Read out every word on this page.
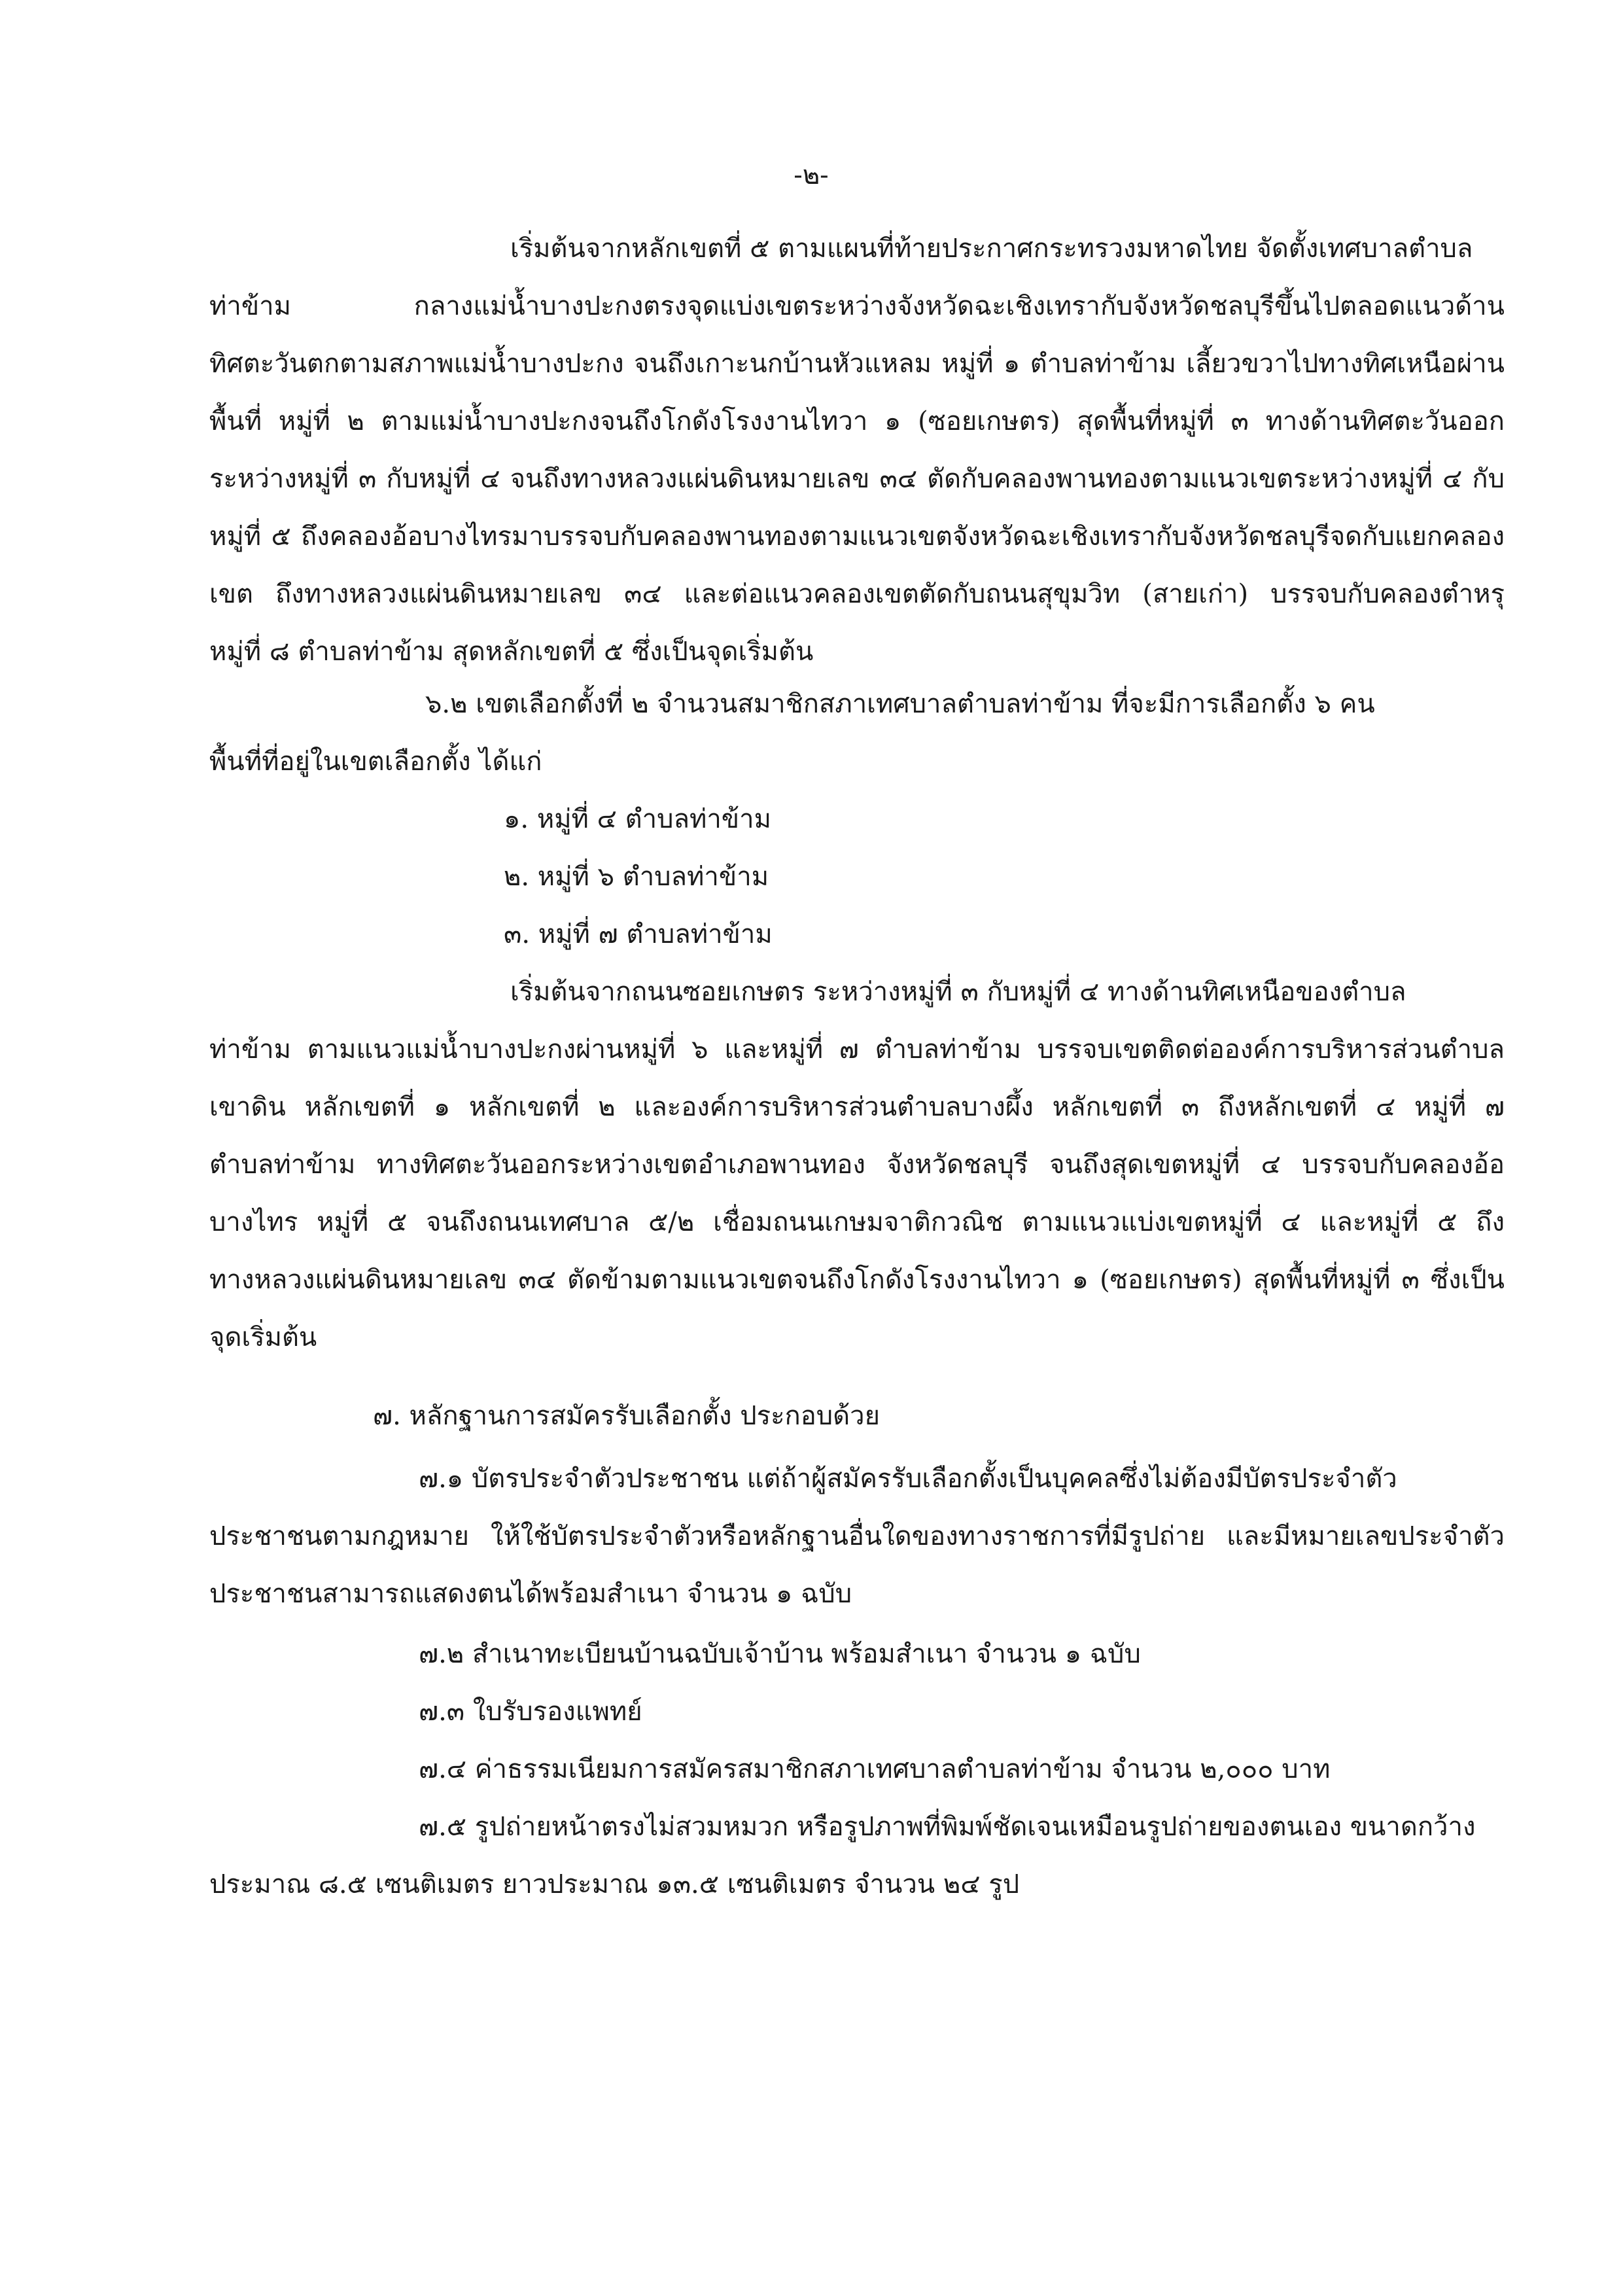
-๒-
เริ่มต้นจากหลักเขตที่ ๕ ตามแผนที่ท้ายประกาศกระทรวงมหาดไทย จัดตั้งเทศบาลตำบล
ท่าข้าม กลางแม่น้ำบางปะกงตรงจุดแบ่งเขตระหว่างจังหวัดฉะเชิงเทรากับจังหวัดชลบุรีขึ้นไปตลอดแนวด้าน
ทิศตะวันตกตามสภาพแม่น้ำบางปะกง จนถึงเกาะนกบ้านหัวแหลม หมู่ที่ ๑ ตำบลท่าข้าม เลี้ยวขวาไปทางทิศเหนือผ่าน
พื้นที่ หมู่ที่ ๒ ตามแม่น้ำบางปะกงจนถึงโกดังโรงงานไทวา ๑ (ซอยเกษตร) สุดพื้นที่หมู่ที่ ๓ ทางด้านทิศตะวันออก
ระหว่างหมู่ที่ ๓ กับหมู่ที่ ๔ จนถึงทางหลวงแผ่นดินหมายเลข ๓๔ ตัดกับคลองพานทองตามแนวเขตระหว่างหมู่ที่ ๔ กับ
หมู่ที่ ๕ ถึงคลองอ้อบางไทรมาบรรจบกับคลองพานทองตามแนวเขตจังหวัดฉะเชิงเทรากับจังหวัดชลบุรีจดกับแยกคลอง
เขต ถึงทางหลวงแผ่นดินหมายเลข ๓๔ และต่อแนวคลองเขตตัดกับถนนสุขุมวิท (สายเก่า) บรรจบกับคลองตำหรุ
หมู่ที่ ๘ ตำบลท่าข้าม สุดหลักเขตที่ ๕ ซึ่งเป็นจุดเริ่มต้น
๖.๒ เขตเลือกตั้งที่ ๒ จำนวนสมาชิกสภาเทศบาลตำบลท่าข้าม ที่จะมีการเลือกตั้ง ๖ คน
พื้นที่ที่อยู่ในเขตเลือกตั้ง ได้แก่
๑. หมู่ที่ ๔ ตำบลท่าข้าม
๒. หมู่ที่ ๖ ตำบลท่าข้าม
๓. หมู่ที่ ๗ ตำบลท่าข้าม
เริ่มต้นจากถนนซอยเกษตร ระหว่างหมู่ที่ ๓ กับหมู่ที่ ๔ ทางด้านทิศเหนือของตำบล
ท่าข้าม ตามแนวแม่น้ำบางปะกงผ่านหมู่ที่ ๖ และหมู่ที่ ๗ ตำบลท่าข้าม บรรจบเขตติดต่อองค์การบริหารส่วนตำบล
เขาดิน หลักเขตที่ ๑ หลักเขตที่ ๒ และองค์การบริหารส่วนตำบลบางผึ้ง หลักเขตที่ ๓ ถึงหลักเขตที่ ๔ หมู่ที่ ๗
ตำบลท่าข้าม ทางทิศตะวันออกระหว่างเขตอำเภอพานทอง จังหวัดชลบุรี จนถึงสุดเขตหมู่ที่ ๔ บรรจบกับคลองอ้อ
บางไทร หมู่ที่ ๕ จนถึงถนนเทศบาล ๕/๒ เชื่อมถนนเกษมจาติกวณิช ตามแนวแบ่งเขตหมู่ที่ ๔ และหมู่ที่ ๕ ถึง
ทางหลวงแผ่นดินหมายเลข ๓๔ ตัดข้ามตามแนวเขตจนถึงโกดังโรงงานไทวา ๑ (ซอยเกษตร) สุดพื้นที่หมู่ที่ ๓ ซึ่งเป็น
จุดเริ่มต้น
๗. หลักฐานการสมัครรับเลือกตั้ง ประกอบด้วย
๗.๑ บัตรประจำตัวประชาชน แต่ถ้าผู้สมัครรับเลือกตั้งเป็นบุคคลซึ่งไม่ต้องมีบัตรประจำตัว
ประชาชนตามกฎหมาย ให้ใช้บัตรประจำตัวหรือหลักฐานอื่นใดของทางราชการที่มีรูปถ่าย และมีหมายเลขประจำตัว
ประชาชนสามารถแสดงตนได้พร้อมสำเนา จำนวน ๑ ฉบับ
๗.๒ สำเนาทะเบียนบ้านฉบับเจ้าบ้าน พร้อมสำเนา จำนวน ๑ ฉบับ
๗.๓ ใบรับรองแพทย์
๗.๔ ค่าธรรมเนียมการสมัครสมาชิกสภาเทศบาลตำบลท่าข้าม จำนวน ๒,๐๐๐ บาท
๗.๕ รูปถ่ายหน้าตรงไม่สวมหมวก หรือรูปภาพที่พิมพ์ชัดเจนเหมือนรูปถ่ายของตนเอง ขนาดกว้าง
ประมาณ ๘.๕ เซนติเมตร ยาวประมาณ ๑๓.๕ เซนติเมตร จำนวน ๒๔ รูป
